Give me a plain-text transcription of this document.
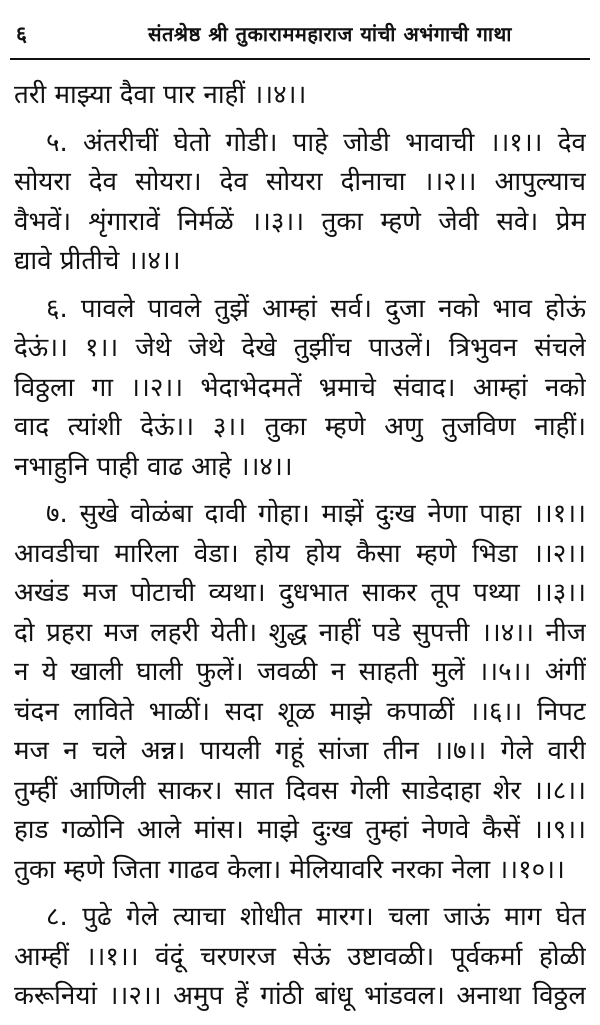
६	संतश्रेष्ठ श्री तुकाराममहाराज यांची अभंगाची गाथा
तरी माझ्या दैवा पार नाहीं ।।४।।
५. अंतरीचीं घेतो गोडी। पाहे जोडी भावाची ।।१।। देव
सोयरा देव सोयरा। देव सोयरा दीनाचा ।।२।। आपुल्याच
वैभवें। शृंगारावें निर्मळें ।।३।। तुका म्हणे जेवी सवे। प्रेम
द्यावे प्रीतीचे ।।४।।
६. पावले पावले तुझें आम्हां सर्व। दुजा नको भाव होऊं
देऊं।। १।। जेथे जेथे देखे तुझींच पाउलें। त्रिभुवन संचले
विठ्ठला गा ।।२।। भेदाभेदमतें भ्रमाचे संवाद। आम्हां नको
वाद त्यांशी देऊं।। ३।। तुका म्हणे अणु तुजविण नाहीं।
नभाहुनि पाही वाढ आहे ।।४।।
७. सुखे वोळंबा दावी गोहा। माझें दुःख नेणा पाहा ।।१।।
आवडीचा मारिला वेडा। होय होय कैसा म्हणे भिडा ।।२।।
अखंड मज पोटाची व्यथा। दुधभात साकर तूप पथ्या ।।३।।
दो प्रहरा मज लहरी येती। शुद्ध नाहीं पडे सुपत्ती ।।४।। नीज
न ये खाली घाली फुलें। जवळी न साहती मुलें ।।५।। अंगीं
चंदन लाविते भाळीं। सदा शूळ माझे कपाळीं ।।६।। निपट
मज न चले अन्न। पायली गहूं सांजा तीन ।।७।। गेले वारी
तुम्हीं आणिली साकर। सात दिवस गेली साडेदाहा शेर ।।८।।
हाड गळोनि आले मांस। माझे दुःख तुम्हां नेणवे कैसें ।।९।।
तुका म्हणे जिता गाढव केला। मेलियावरि नरका नेला ।।१०।।
८. पुढे गेले त्याचा शोधीत मारग। चला जाऊं माग घेत
आम्हीं ।।१।। वंदूं चरणरज सेऊं उष्टावळी। पूर्वकर्मा होळी
करूनियां ।।२।। अमुप हें गांठी बांधू भांडवल। अनाथा विठ्ठल
